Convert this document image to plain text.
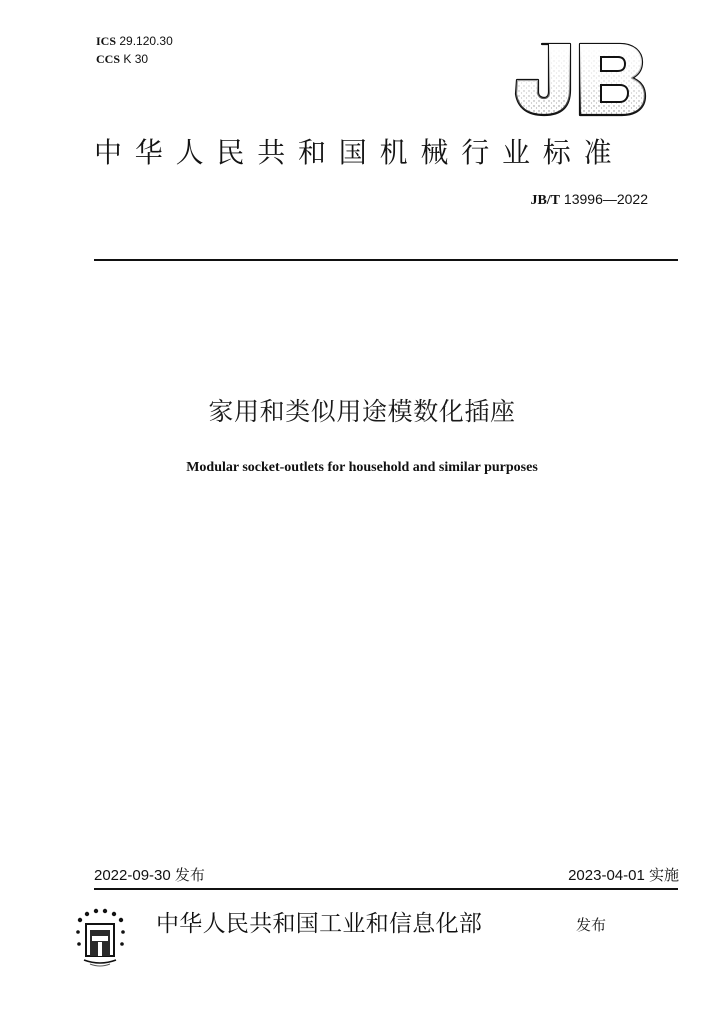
ICS 29.120.30
CCS K 30
JB
中华人民共和国机械行业标准
JB/T 13996—2022
家用和类似用途模数化插座
Modular socket-outlets for household and similar purposes
2022-09-30 发布	2023-04-01 实施
中华人民共和国工业和信息化部	发布
